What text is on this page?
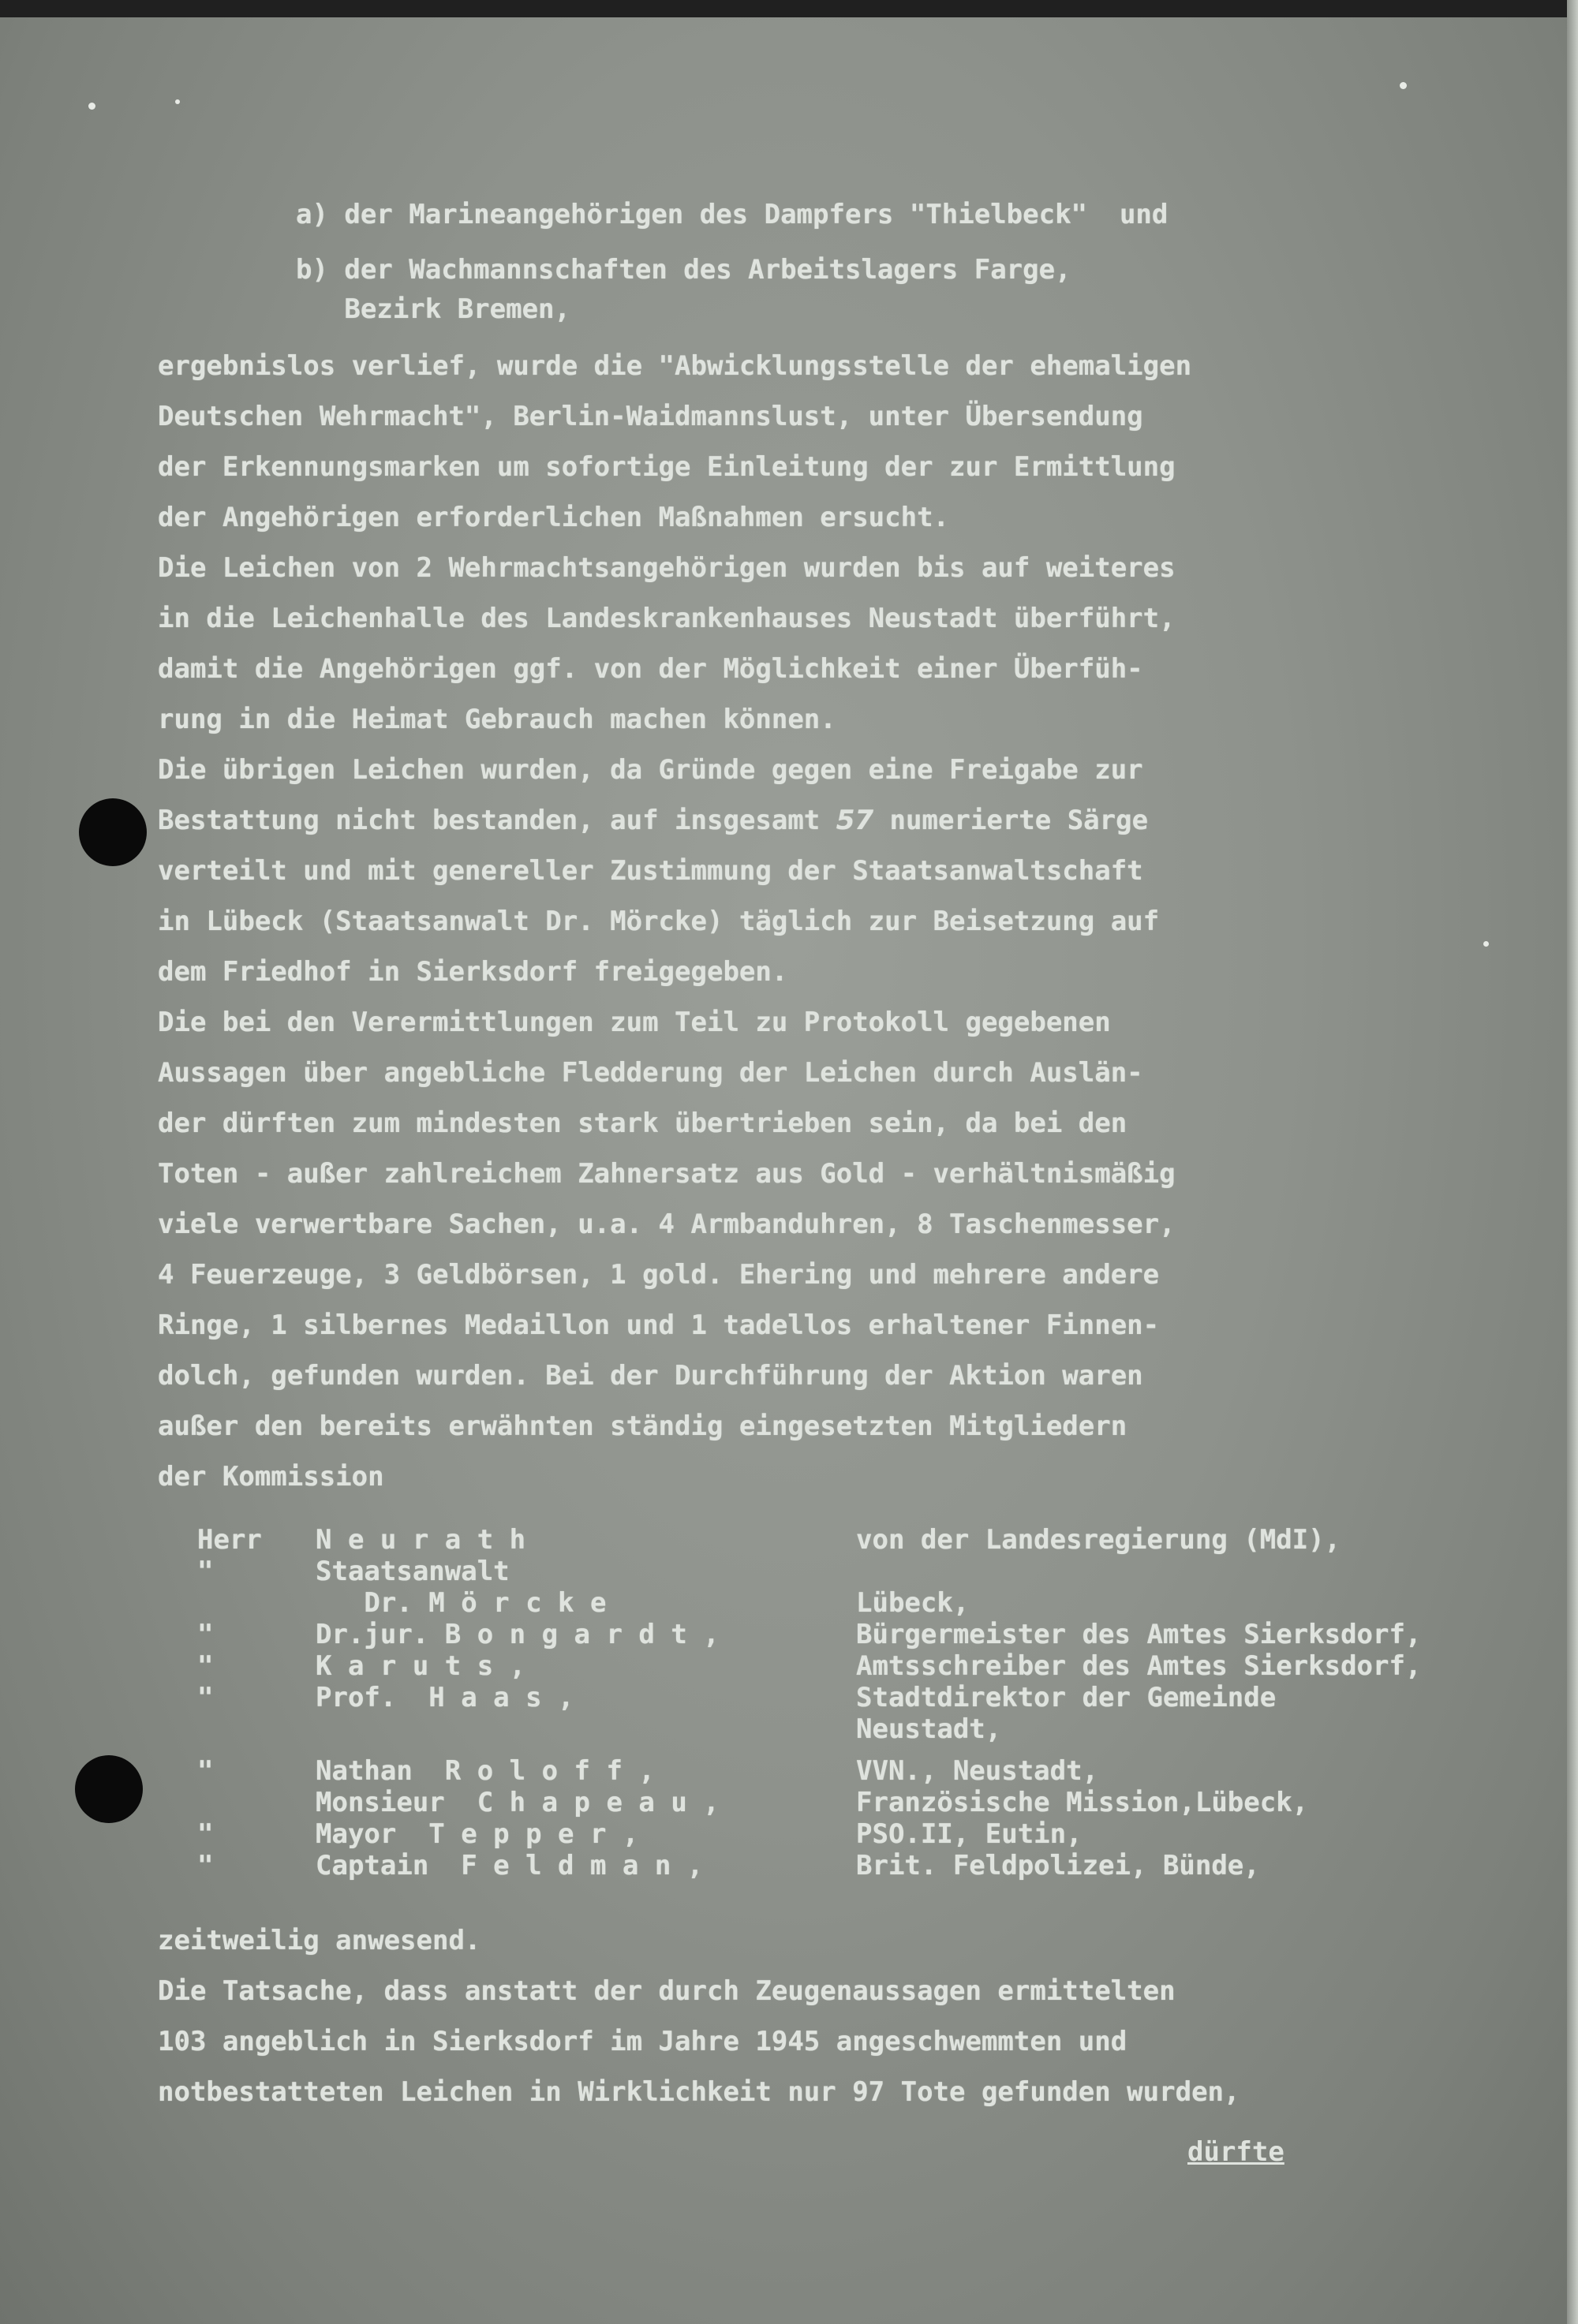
a) der Marineangehörigen des Dampfers "Thielbeck"  und
b) der Wachmannschaften des Arbeitslagers Farge,
Bezirk Bremen,
ergebnislos verlief, wurde die "Abwicklungsstelle der ehemaligen
Deutschen Wehrmacht", Berlin-Waidmannslust, unter Übersendung
der Erkennungsmarken um sofortige Einleitung der zur Ermittlung
der Angehörigen erforderlichen Maßnahmen ersucht.
Die Leichen von 2 Wehrmachtsangehörigen wurden bis auf weiteres
in die Leichenhalle des Landeskrankenhauses Neustadt überführt,
damit die Angehörigen ggf. von der Möglichkeit einer Überfüh-
rung in die Heimat Gebrauch machen können.
Die übrigen Leichen wurden, da Gründe gegen eine Freigabe zur
Bestattung nicht bestanden, auf insgesamt 57 numerierte Särge
verteilt und mit genereller Zustimmung der Staatsanwaltschaft
in Lübeck (Staatsanwalt Dr. Mörcke) täglich zur Beisetzung auf
dem Friedhof in Sierksdorf freigegeben.
Die bei den Verermittlungen zum Teil zu Protokoll gegebenen
Aussagen über angebliche Fledderung der Leichen durch Auslän-
der dürften zum mindesten stark übertrieben sein, da bei den
Toten - außer zahlreichem Zahnersatz aus Gold - verhältnismäßig
viele verwertbare Sachen, u.a. 4 Armbanduhren, 8 Taschenmesser,
4 Feuerzeuge, 3 Geldbörsen, 1 gold. Ehering und mehrere andere
Ringe, 1 silbernes Medaillon und 1 tadellos erhaltener Finnen-
dolch, gefunden wurden. Bei der Durchführung der Aktion waren
außer den bereits erwähnten ständig eingesetzten Mitgliedern
der Kommission
Herr N e u r a t h	von der Landesregierung (MdI),
"	Staatsanwalt
Dr. M ö r c k e	Lübeck,
"	Dr.jur. B o n g a r d t ,	Bürgermeister des Amtes Sierksdorf,
"	K a r u t s ,	Amtsschreiber des Amtes Sierksdorf,
"	Prof.  H a a s ,	Stadtdirektor der Gemeinde
Neustadt,
"	Nathan  R o l o f f ,	VVN., Neustadt,
Monsieur  C h a p e a u ,	Französische Mission,Lübeck,
"	Mayor  T e p p e r ,	PSO.II, Eutin,
"	Captain  F e l d m a n ,	Brit. Feldpolizei, Bünde,
zeitweilig anwesend.
Die Tatsache, dass anstatt der durch Zeugenaussagen ermittelten
103 angeblich in Sierksdorf im Jahre 1945 angeschwemmten und
notbestatteten Leichen in Wirklichkeit nur 97 Tote gefunden wurden,
dürfte
